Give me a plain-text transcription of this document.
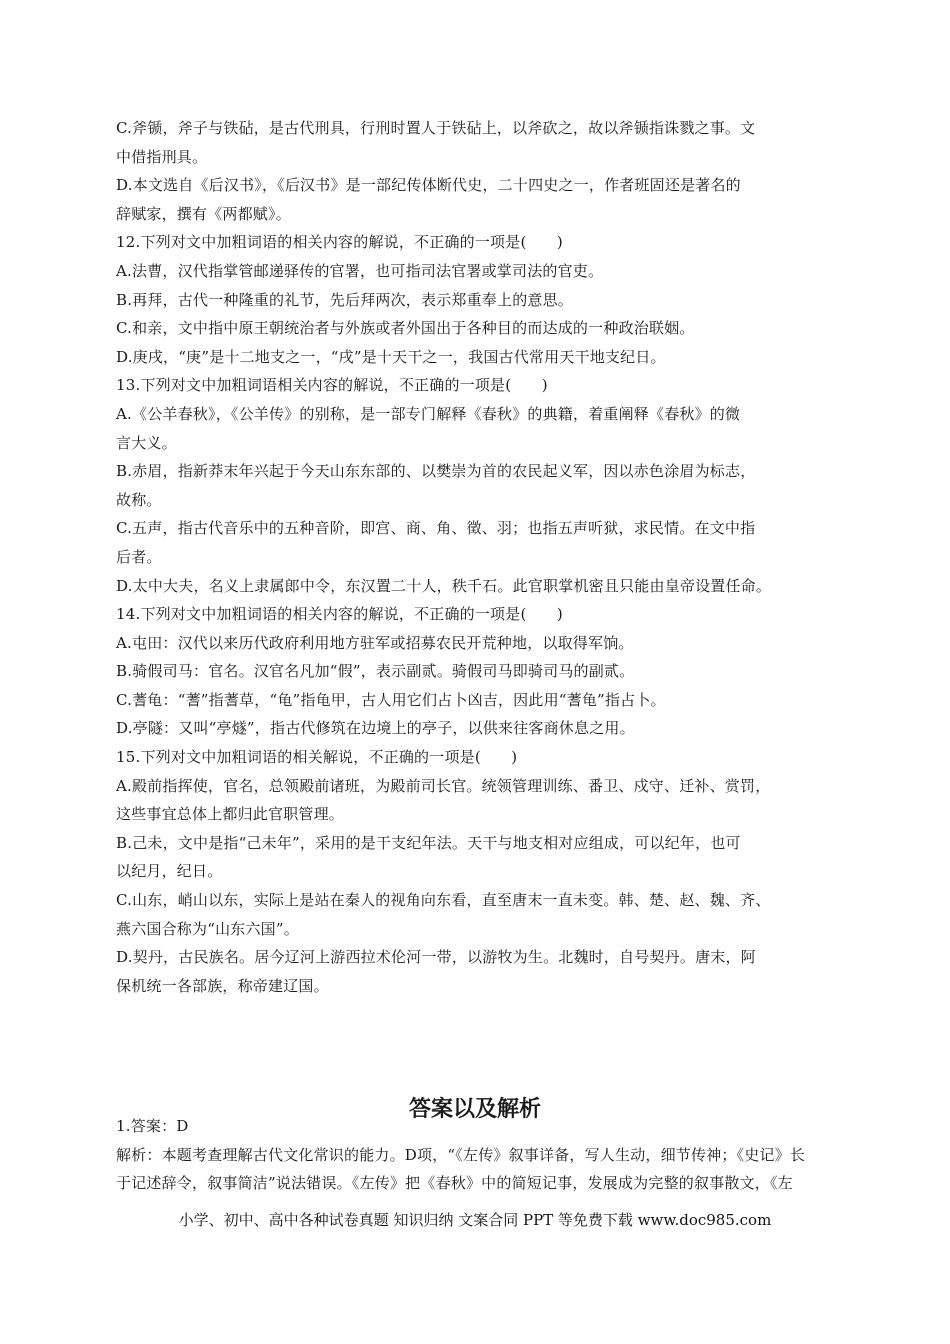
C.斧锧，斧子与铁砧，是古代刑具，行刑时置人于铁砧上，以斧砍之，故以斧锧指诛戮之事。文
中借指刑具。
D.本文选自《后汉书》，《后汉书》是一部纪传体断代史，二十四史之一，作者班固还是著名的
辞赋家，撰有《两都赋》。
12.下列对文中加粗词语的相关内容的解说，不正确的一项是(　　)
A.法曹，汉代指掌管邮递驿传的官署，也可指司法官署或掌司法的官吏。
B.再拜，古代一种隆重的礼节，先后拜两次，表示郑重奉上的意思。
C.和亲，文中指中原王朝统治者与外族或者外国出于各种目的而达成的一种政治联姻。
D.庚戌，“庚”是十二地支之一，“戌”是十天干之一，我国古代常用天干地支纪日。
13.下列对文中加粗词语相关内容的解说，不正确的一项是(　　)
A.《公羊春秋》，《公羊传》的别称，是一部专门解释《春秋》的典籍，着重阐释《春秋》的微
言大义。
B.赤眉，指新莽末年兴起于今天山东东部的、以樊崇为首的农民起义军，因以赤色涂眉为标志，
故称。
C.五声，指古代音乐中的五种音阶，即宫、商、角、徵、羽；也指五声听狱，求民情。在文中指
后者。
D.太中大夫，名义上隶属郎中令，东汉置二十人，秩千石。此官职掌机密且只能由皇帝设置任命。
14.下列对文中加粗词语的相关内容的解说，不正确的一项是(　　)
A.屯田：汉代以来历代政府利用地方驻军或招募农民开荒种地，以取得军饷。
B.骑假司马：官名。汉官名凡加“假”，表示副贰。骑假司马即骑司马的副贰。
C.蓍龟：“蓍”指蓍草，“龟”指龟甲，古人用它们占卜凶吉，因此用“蓍龟”指占卜。
D.亭隧：又叫“亭燧”，指古代修筑在边境上的亭子，以供来往客商休息之用。
15.下列对文中加粗词语的相关解说，不正确的一项是(　　)
A.殿前指挥使，官名，总领殿前诸班，为殿前司长官。统领管理训练、番卫、戍守、迁补、赏罚，
这些事宜总体上都归此官职管理。
B.己未，文中是指“己未年”，采用的是干支纪年法。天干与地支相对应组成，可以纪年，也可
以纪月，纪日。
C.山东，峭山以东，实际上是站在秦人的视角向东看，直至唐末一直未变。韩、楚、赵、魏、齐、
燕六国合称为“山东六国”。
D.契丹，古民族名。居今辽河上游西拉术伦河一带，以游牧为生。北魏时，自号契丹。唐末，阿
保机统一各部族，称帝建辽国。
答案以及解析
1.答案：D
解析：本题考查理解古代文化常识的能力。D项，“《左传》叙事详备，写人生动，细节传神；《史记》长
于记述辞令，叙事简洁”说法错误。《左传》把《春秋》中的简短记事，发展成为完整的叙事散文，《左
小学、初中、高中各种试卷真题 知识归纳 文案合同 PPT 等免费下载 www.doc985.com
